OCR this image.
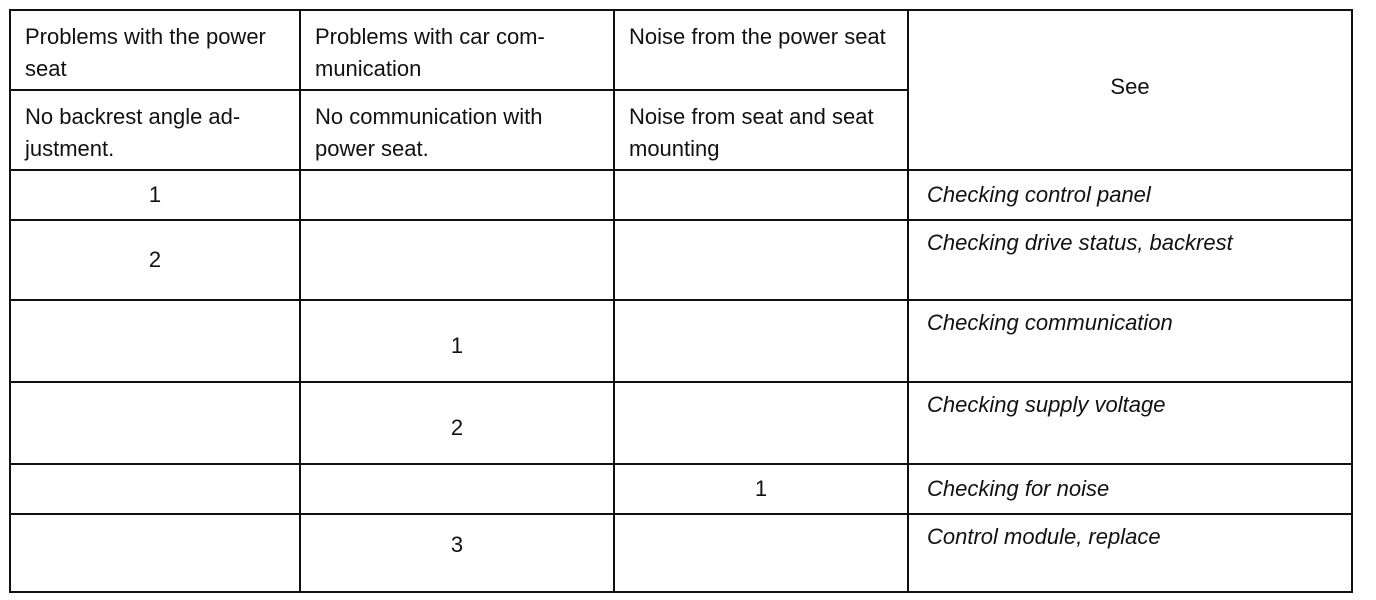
Problems with the power seat	Problems with car com-munication	Noise from the power seat	See
No backrest angle ad-justment.	No communication with power seat.	Noise from seat and seat mounting	
1			Checking control panel
2			Checking drive status, backrest
	1		Checking communication
	2		Checking supply voltage
		1	Checking for noise
	3		Control module, replace
